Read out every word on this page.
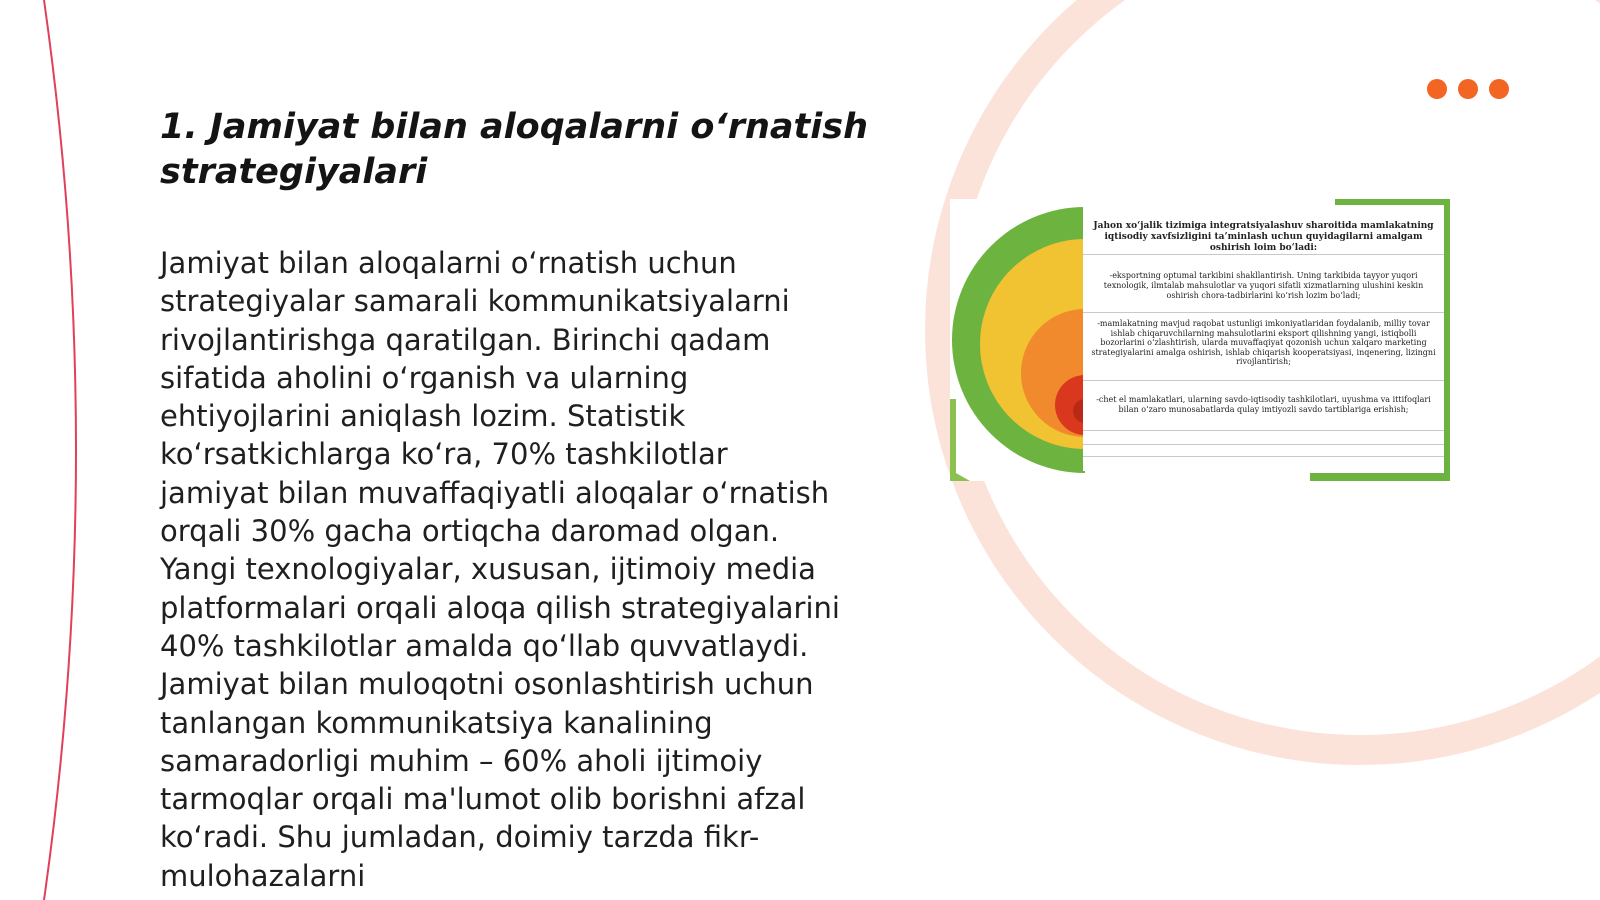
1. Jamiyat bilan aloqalarni o‘rnatish strategiyalari

Jamiyat bilan aloqalarni o‘rnatish uchun strategiyalar samarali kommunikatsiyalarni rivojlantirishga qaratilgan. Birinchi qadam sifatida aholini o‘rganish va ularning ehtiyojlarini aniqlash lozim. Statistik ko‘rsatkichlarga ko‘ra, 70% tashkilotlar jamiyat bilan muvaffaqiyatli aloqalar o‘rnatish orqali 30% gacha ortiqcha daromad olgan. Yangi texnologiyalar, xususan, ijtimoiy media platformalari orqali aloqa qilish strategiyalarini 40% tashkilotlar amalda qo‘llab quvvatlaydi. Jamiyat bilan muloqotni osonlashtirish uchun tanlangan kommunikatsiya kanalining samaradorligi muhim – 60% aholi ijtimoiy tarmoqlar orqali ma'lumot olib borishni afzal ko‘radi. Shu jumladan, doimiy tarzda fikr-mulohazalarni

Jahon xo‘jalik tizimiga integratsiyalashuv sharoitida mamlakatning iqtisodiy xavfsizligini ta’minlash uchun quyidagilarni amalgam oshirish loim bo‘ladi:
-eksportning optumal tarkibini shakllantirish. Uning tarkibida tayyor yuqori texnologik, ilmtalab mahsulotlar va yuqori sifatli xizmatlarning ulushini keskin oshirish chora-tadbirlarini ko‘rish lozim bo‘ladi;
-mamlakatning mavjud raqobat ustunligi imkoniyatlaridan foydalanib, milliy tovar ishlab chiqaruvchilarning mahsulotlarini eksport qilishning yangi, istiqbolli bozorlarini o‘zlashtirish, ularda muvaffaqiyat qozonish uchun xalqaro marketing strategiyalarini amalga oshirish, ishlab chiqarish kooperatsiyasi, inqenering, lizingni rivojlantirish;
-chet el mamlakatlari, ularning savdo-iqtisodiy tashkilotlari, uyushma va ittifoqlari bilan o‘zaro munosabatlarda qulay imtiyozli savdo tartiblariga erishish;
